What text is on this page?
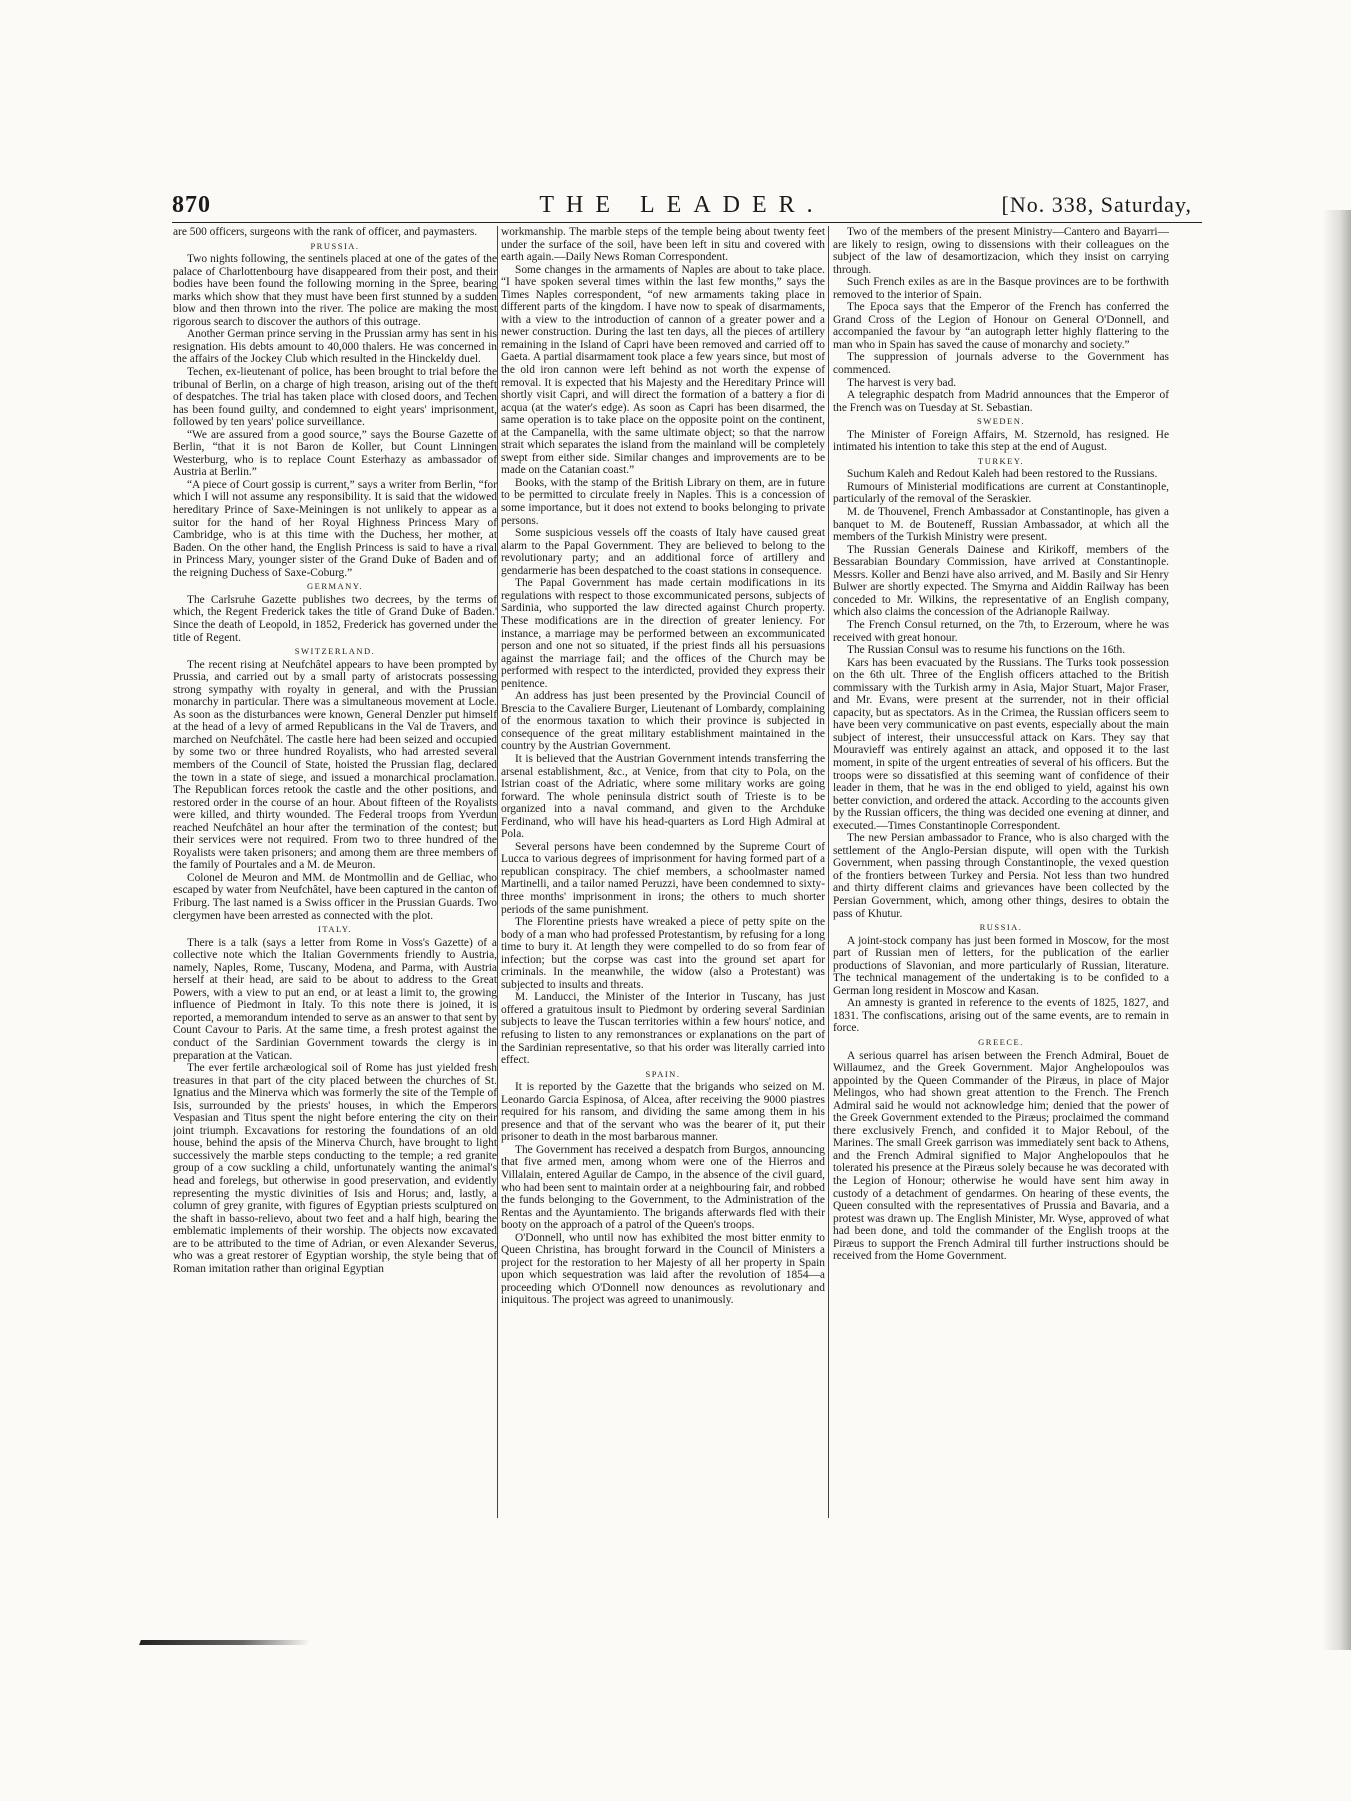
870	THE LEADER.	[No. 338, Saturday,

are 500 officers, surgeons with the rank of officer, and paymasters.

PRUSSIA.

Two nights following, the sentinels placed at one of the gates of the palace of Charlottenbourg have disappeared from their post, and their bodies have been found the following morning in the Spree, bearing marks which show that they must have been first stunned by a sudden blow and then thrown into the river. The police are making the most rigorous search to discover the authors of this outrage.

Another German prince serving in the Prussian army has sent in his resignation. His debts amount to 40,000 thalers. He was concerned in the affairs of the Jockey Club which resulted in the Hinckeldy duel.

Techen, ex-lieutenant of police, has been brought to trial before the tribunal of Berlin, on a charge of high treason, arising out of the theft of despatches. The trial has taken place with closed doors, and Techen has been found guilty, and condemned to eight years' imprisonment, followed by ten years' police surveillance.

“We are assured from a good source,” says the Bourse Gazette of Berlin, “that it is not Baron de Koller, but Count Linningen Westerburg, who is to replace Count Esterhazy as ambassador of Austria at Berlin.”

“A piece of Court gossip is current,” says a writer from Berlin, “for which I will not assume any responsibility. It is said that the widowed hereditary Prince of Saxe-Meiningen is not unlikely to appear as a suitor for the hand of her Royal Highness Princess Mary of Cambridge, who is at this time with the Duchess, her mother, at Baden. On the other hand, the English Princess is said to have a rival in Princess Mary, younger sister of the Grand Duke of Baden and of the reigning Duchess of Saxe-Coburg.”

GERMANY.

The Carlsruhe Gazette publishes two decrees, by the terms of which, the Regent Frederick takes the title of Grand Duke of Baden.' Since the death of Leopold, in 1852, Frederick has governed under the title of Regent.

SWITZERLAND.

The recent rising at Neufchâtel appears to have been prompted by Prussia, and carried out by a small party of aristocrats possessing strong sympathy with royalty in general, and with the Prussian monarchy in particular. There was a simultaneous movement at Locle. As soon as the disturbances were known, General Denzler put himself at the head of a levy of armed Republicans in the Val de Travers, and marched on Neufchâtel. The castle here had been seized and occupied by some two or three hundred Royalists, who had arrested several members of the Council of State, hoisted the Prussian flag, declared the town in a state of siege, and issued a monarchical proclamation. The Republican forces retook the castle and the other positions, and restored order in the course of an hour. About fifteen of the Royalists were killed, and thirty wounded. The Federal troops from Yverdun reached Neufchâtel an hour after the termination of the contest; but their services were not required. From two to three hundred of the Royalists were taken prisoners; and among them are three members of the family of Pourtales and a M. de Meuron.

Colonel de Meuron and MM. de Montmollin and de Gelliac, who escaped by water from Neufchâtel, have been captured in the canton of Friburg. The last named is a Swiss officer in the Prussian Guards. Two clergymen have been arrested as connected with the plot.

ITALY.

There is a talk (says a letter from Rome in Voss's Gazette) of a collective note which the Italian Governments friendly to Austria, namely, Naples, Rome, Tuscany, Modena, and Parma, with Austria herself at their head, are said to be about to address to the Great Powers, with a view to put an end, or at least a limit to, the growing influence of Piedmont in Italy. To this note there is joined, it is reported, a memorandum intended to serve as an answer to that sent by Count Cavour to Paris. At the same time, a fresh protest against the conduct of the Sardinian Government towards the clergy is in preparation at the Vatican.

The ever fertile archæological soil of Rome has just yielded fresh treasures in that part of the city placed between the churches of St. Ignatius and the Minerva which was formerly the site of the Temple of Isis, surrounded by the priests' houses, in which the Emperors Vespasian and Titus spent the night before entering the city on their joint triumph. Excavations for restoring the foundations of an old house, behind the apsis of the Minerva Church, have brought to light successively the marble steps conducting to the temple; a red granite group of a cow suckling a child, unfortunately wanting the animal's head and forelegs, but otherwise in good preservation, and evidently representing the mystic divinities of Isis and Horus; and, lastly, a column of grey granite, with figures of Egyptian priests sculptured on the shaft in basso-relievo, about two feet and a half high, bearing the emblematic implements of their worship. The objects now excavated are to be attributed to the time of Adrian, or even Alexander Severus, who was a great restorer of Egyptian worship, the style being that of Roman imitation rather than original Egyptian

workmanship. The marble steps of the temple being about twenty feet under the surface of the soil, have been left in situ and covered with earth again.—Daily News Roman Correspondent.

Some changes in the armaments of Naples are about to take place. “I have spoken several times within the last few months,” says the Times Naples correspondent, “of new armaments taking place in different parts of the kingdom. I have now to speak of disarmaments, with a view to the introduction of cannon of a greater power and a newer construction. During the last ten days, all the pieces of artillery remaining in the Island of Capri have been removed and carried off to Gaeta. A partial disarmament took place a few years since, but most of the old iron cannon were left behind as not worth the expense of removal. It is expected that his Majesty and the Hereditary Prince will shortly visit Capri, and will direct the formation of a battery a fior di acqua (at the water's edge). As soon as Capri has been disarmed, the same operation is to take place on the opposite point on the continent, at the Campanella, with the same ultimate object; so that the narrow strait which separates the island from the mainland will be completely swept from either side. Similar changes and improvements are to be made on the Catanian coast.”

Books, with the stamp of the British Library on them, are in future to be permitted to circulate freely in Naples. This is a concession of some importance, but it does not extend to books belonging to private persons.

Some suspicious vessels off the coasts of Italy have caused great alarm to the Papal Government. They are believed to belong to the revolutionary party; and an additional force of artillery and gendarmerie has been despatched to the coast stations in consequence.

The Papal Government has made certain modifications in its regulations with respect to those excommunicated persons, subjects of Sardinia, who supported the law directed against Church property. These modifications are in the direction of greater leniency. For instance, a marriage may be performed between an excommunicated person and one not so situated, if the priest finds all his persuasions against the marriage fail; and the offices of the Church may be performed with respect to the interdicted, provided they express their penitence.

An address has just been presented by the Provincial Council of Brescia to the Cavaliere Burger, Lieutenant of Lombardy, complaining of the enormous taxation to which their province is subjected in consequence of the great military establishment maintained in the country by the Austrian Government.

It is believed that the Austrian Government intends transferring the arsenal establishment, &c., at Venice, from that city to Pola, on the Istrian coast of the Adriatic, where some military works are going forward. The whole peninsula district south of Trieste is to be organized into a naval command, and given to the Archduke Ferdinand, who will have his head-quarters as Lord High Admiral at Pola.

Several persons have been condemned by the Supreme Court of Lucca to various degrees of imprisonment for having formed part of a republican conspiracy. The chief members, a schoolmaster named Martinelli, and a tailor named Peruzzi, have been condemned to sixty-three months' imprisonment in irons; the others to much shorter periods of the same punishment.

The Florentine priests have wreaked a piece of petty spite on the body of a man who had professed Protestantism, by refusing for a long time to bury it. At length they were compelled to do so from fear of infection; but the corpse was cast into the ground set apart for criminals. In the meanwhile, the widow (also a Protestant) was subjected to insults and threats.

M. Landucci, the Minister of the Interior in Tuscany, has just offered a gratuitous insult to Piedmont by ordering several Sardinian subjects to leave the Tuscan territories within a few hours' notice, and refusing to listen to any remonstrances or explanations on the part of the Sardinian representative, so that his order was literally carried into effect.

SPAIN.

It is reported by the Gazette that the brigands who seized on M. Leonardo Garcia Espinosa, of Alcea, after receiving the 9000 piastres required for his ransom, and dividing the same among them in his presence and that of the servant who was the bearer of it, put their prisoner to death in the most barbarous manner.

The Government has received a despatch from Burgos, announcing that five armed men, among whom were one of the Hierros and Villalain, entered Aguilar de Campo, in the absence of the civil guard, who had been sent to maintain order at a neighbouring fair, and robbed the funds belonging to the Government, to the Administration of the Rentas and the Ayuntamiento. The brigands afterwards fled with their booty on the approach of a patrol of the Queen's troops.

O'Donnell, who until now has exhibited the most bitter enmity to Queen Christina, has brought forward in the Council of Ministers a project for the restoration to her Majesty of all her property in Spain upon which sequestration was laid after the revolution of 1854—a proceeding which O'Donnell now denounces as revolutionary and iniquitous. The project was agreed to unanimously.

Two of the members of the present Ministry—Cantero and Bayarri—are likely to resign, owing to dissensions with their colleagues on the subject of the law of desamortizacion, which they insist on carrying through.

Such French exiles as are in the Basque provinces are to be forthwith removed to the interior of Spain.

The Epoca says that the Emperor of the French has conferred the Grand Cross of the Legion of Honour on General O'Donnell, and accompanied the favour by “an autograph letter highly flattering to the man who in Spain has saved the cause of monarchy and society.”

The suppression of journals adverse to the Government has commenced.

The harvest is very bad.

A telegraphic despatch from Madrid announces that the Emperor of the French was on Tuesday at St. Sebastian.

SWEDEN.

The Minister of Foreign Affairs, M. Stzernold, has resigned. He intimated his intention to take this step at the end of August.

TURKEY.

Suchum Kaleh and Redout Kaleh had been restored to the Russians.

Rumours of Ministerial modifications are current at Constantinople, particularly of the removal of the Seraskier.

M. de Thouvenel, French Ambassador at Constantinople, has given a banquet to M. de Bouteneff, Russian Ambassador, at which all the members of the Turkish Ministry were present.

The Russian Generals Dainese and Kirikoff, members of the Bessarabian Boundary Commission, have arrived at Constantinople. Messrs. Koller and Benzi have also arrived, and M. Basily and Sir Henry Bulwer are shortly expected. The Smyrna and Aiddin Railway has been conceded to Mr. Wilkins, the representative of an English company, which also claims the concession of the Adrianople Railway.

The French Consul returned, on the 7th, to Erzeroum, where he was received with great honour.

The Russian Consul was to resume his functions on the 16th.

Kars has been evacuated by the Russians. The Turks took possession on the 6th ult. Three of the English officers attached to the British commissary with the Turkish army in Asia, Major Stuart, Major Fraser, and Mr. Evans, were present at the surrender, not in their official capacity, but as spectators. As in the Crimea, the Russian officers seem to have been very communicative on past events, especially about the main subject of interest, their unsuccessful attack on Kars. They say that Mouravieff was entirely against an attack, and opposed it to the last moment, in spite of the urgent entreaties of several of his officers. But the troops were so dissatisfied at this seeming want of confidence of their leader in them, that he was in the end obliged to yield, against his own better conviction, and ordered the attack. According to the accounts given by the Russian officers, the thing was decided one evening at dinner, and executed.—Times Constantinople Correspondent.

The new Persian ambassador to France, who is also charged with the settlement of the Anglo-Persian dispute, will open with the Turkish Government, when passing through Constantinople, the vexed question of the frontiers between Turkey and Persia. Not less than two hundred and thirty different claims and grievances have been collected by the Persian Government, which, among other things, desires to obtain the pass of Khutur.

RUSSIA.

A joint-stock company has just been formed in Moscow, for the most part of Russian men of letters, for the publication of the earlier productions of Slavonian, and more particularly of Russian, literature. The technical management of the undertaking is to be confided to a German long resident in Moscow and Kasan.

An amnesty is granted in reference to the events of 1825, 1827, and 1831. The confiscations, arising out of the same events, are to remain in force.

GREECE.

A serious quarrel has arisen between the French Admiral, Bouet de Willaumez, and the Greek Government. Major Anghelopoulos was appointed by the Queen Commander of the Piræus, in place of Major Melingos, who had shown great attention to the French. The French Admiral said he would not acknowledge him; denied that the power of the Greek Government extended to the Piræus; proclaimed the command there exclusively French, and confided it to Major Reboul, of the Marines. The small Greek garrison was immediately sent back to Athens, and the French Admiral signified to Major Anghelopoulos that he tolerated his presence at the Piræus solely because he was decorated with the Legion of Honour; otherwise he would have sent him away in custody of a detachment of gendarmes. On hearing of these events, the Queen consulted with the representatives of Prussia and Bavaria, and a protest was drawn up. The English Minister, Mr. Wyse, approved of what had been done, and told the commander of the English troops at the Piræus to support the French Admiral till further instructions should be received from the Home Government.
